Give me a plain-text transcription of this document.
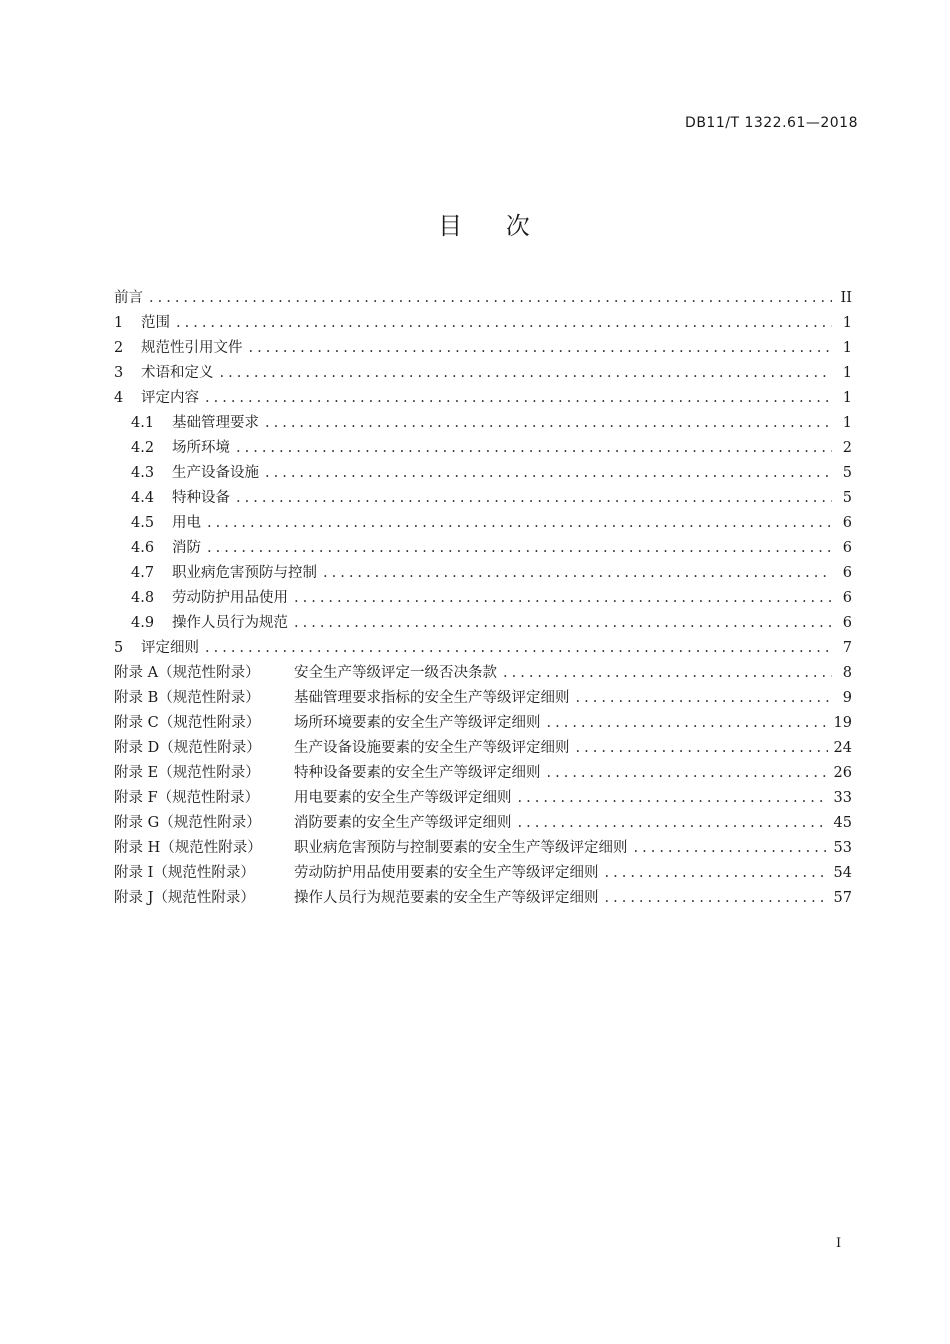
DB11/T 1322.61—2018
目 次
前言 .....	II
1	范围 .....	1
2	规范性引用文件 .....	1
3	术语和定义 .....	1
4	评定内容 .....	1
4.1	基础管理要求 .....	1
4.2	场所环境 .....	2
4.3	生产设备设施 .....	5
4.4	特种设备 .....	5
4.5	用电 .....	6
4.6	消防 .....	6
4.7	职业病危害预防与控制 .....	6
4.8	劳动防护用品使用 .....	6
4.9	操作人员行为规范 .....	6
5	评定细则 .....	7
附录 A（规范性附录）	安全生产等级评定一级否决条款 .....	8
附录 B（规范性附录）	基础管理要求指标的安全生产等级评定细则 .....	9
附录 C（规范性附录）	场所环境要素的安全生产等级评定细则 .....	19
附录 D（规范性附录）	生产设备设施要素的安全生产等级评定细则 .....	24
附录 E（规范性附录）	特种设备要素的安全生产等级评定细则 .....	26
附录 F（规范性附录）	用电要素的安全生产等级评定细则 .....	33
附录 G（规范性附录）	消防要素的安全生产等级评定细则 .....	45
附录 H（规范性附录）	职业病危害预防与控制要素的安全生产等级评定细则 .....	53
附录 I（规范性附录）	劳动防护用品使用要素的安全生产等级评定细则 .....	54
附录 J（规范性附录）	操作人员行为规范要素的安全生产等级评定细则 .....	57
I
